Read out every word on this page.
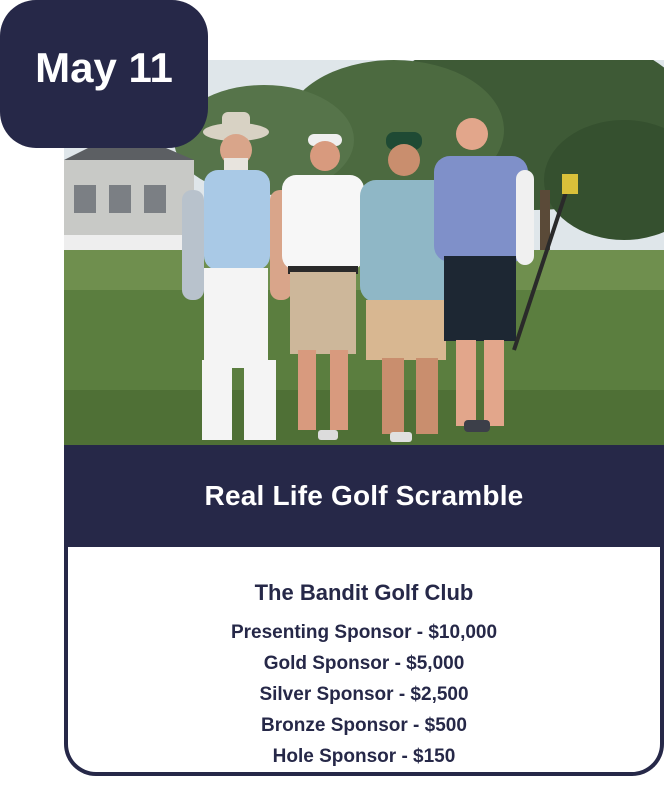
Real Life Golf Scramble
The Bandit Golf Club
Presenting Sponsor - $10,000
Gold Sponsor - $5,000
Silver Sponsor - $2,500
Bronze Sponsor - $500
Hole Sponsor - $150
May 11
